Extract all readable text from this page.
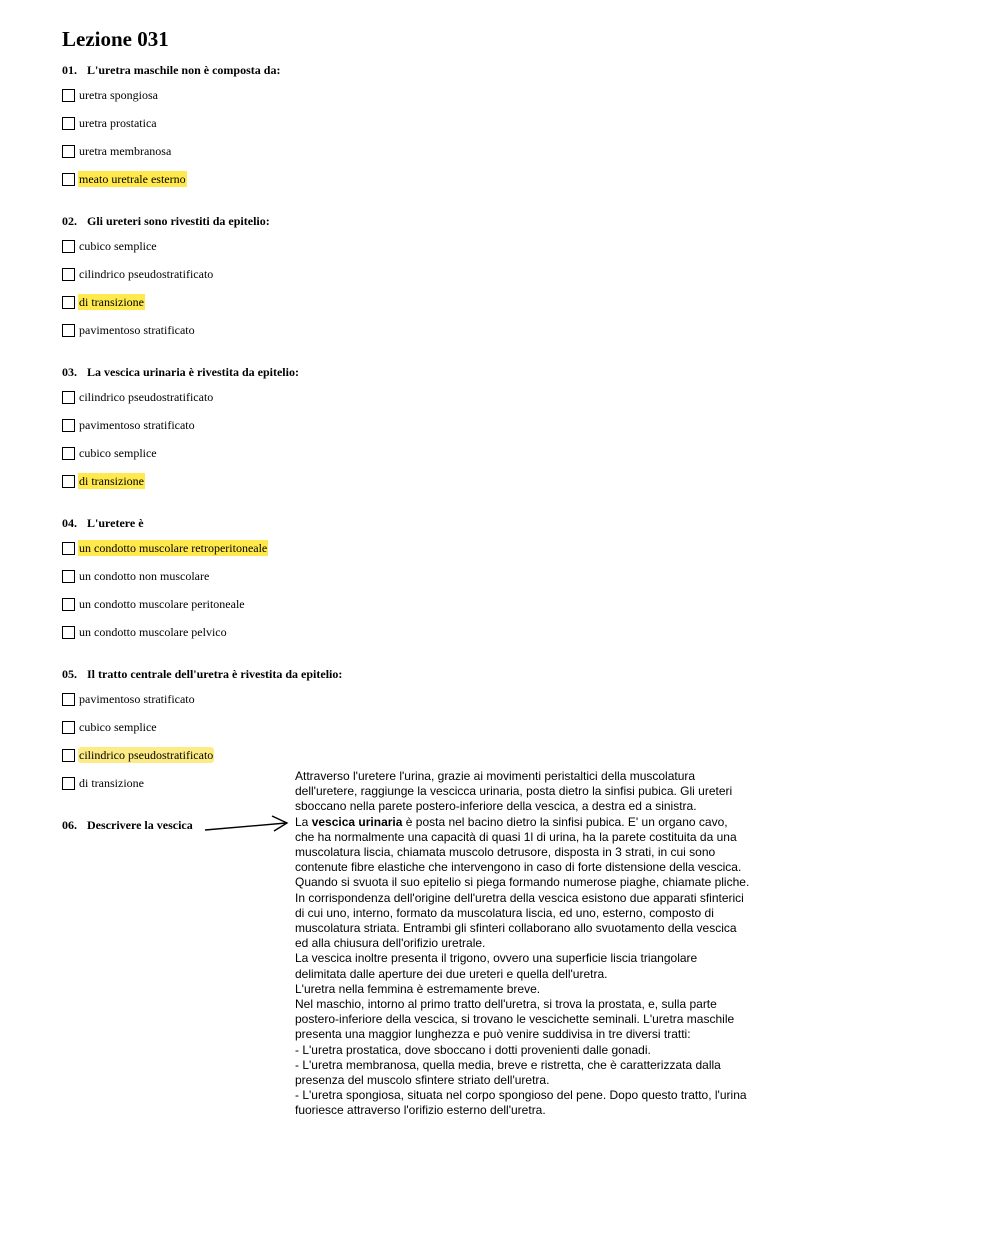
Lezione 031
01. L'uretra maschile non è composta da:
uretra spongiosa
uretra prostatica
uretra membranosa
meato uretrale esterno
02. Gli ureteri sono rivestiti da epitelio:
cubico semplice
cilindrico pseudostratificato
di transizione
pavimentoso stratificato
03. La vescica urinaria è rivestita da epitelio:
cilindrico pseudostratificato
pavimentoso stratificato
cubico semplice
di transizione
04. L'uretere è
un condotto muscolare retroperitoneale
un condotto non muscolare
un condotto muscolare peritoneale
un condotto muscolare pelvico
05. Il tratto centrale dell'uretra è rivestita da epitelio:
pavimentoso stratificato
cubico semplice
cilindrico pseudostratificato
di transizione
06. Descrivere la vescica

Attraverso l'uretere l'urina, grazie ai movimenti peristaltici della muscolatura

dell'uretere, raggiunge la vescicca urinaria, posta dietro la sinfisi pubica. Gli ureteri

sboccano nella parete postero-inferiore della vescica, a destra ed a sinistra.

La vescica urinaria è posta nel bacino dietro la sinfisi pubica. E' un organo cavo,

che ha normalmente una capacità di quasi 1l di urina, ha la parete costituita da una

muscolatura liscia, chiamata muscolo detrusore, disposta in 3 strati, in cui sono

contenute fibre elastiche che intervengono in caso di forte distensione della vescica.

Quando si svuota il suo epitelio si piega formando numerose piaghe, chiamate pliche.

In corrispondenza dell'origine dell'uretra della vescica esistono due apparati sfinterici

di cui uno, interno, formato da muscolatura liscia, ed uno, esterno, composto di

muscolatura striata. Entrambi gli sfinteri collaborano allo svuotamento della vescica

ed alla chiusura dell'orifizio uretrale.

La vescica inoltre presenta il trigono, ovvero una superficie liscia triangolare

delimitata dalle aperture dei due ureteri e quella dell'uretra.

L'uretra nella femmina è estremamente breve.

Nel maschio, intorno al primo tratto dell'uretra, si trova la prostata, e, sulla parte

postero-inferiore della vescica, si trovano le vescichette seminali. L'uretra maschile

presenta una maggior lunghezza e può venire suddivisa in tre diversi tratti:

- L'uretra prostatica, dove sboccano i dotti provenienti dalle gonadi.

- L'uretra membranosa, quella media, breve e ristretta, che è caratterizzata dalla

presenza del muscolo sfintere striato dell'uretra.

- L'uretra spongiosa, situata nel corpo spongioso del pene. Dopo questo tratto, l'urina

fuoriesce attraverso l'orifizio esterno dell'uretra.
